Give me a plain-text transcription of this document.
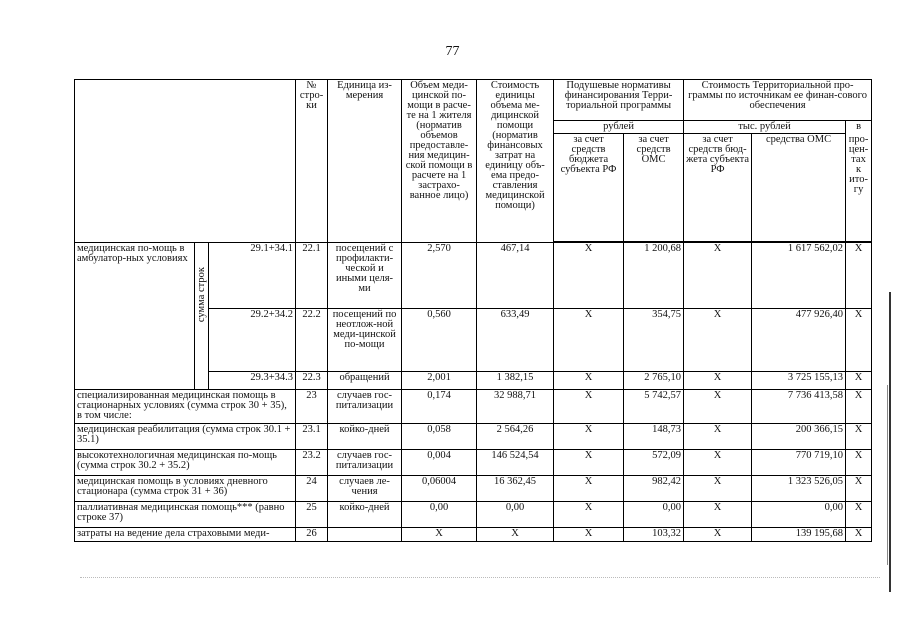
77
			№ стро-ки	Единица из-мерения	Объем меди-цинской по-мощи в расче-те на 1 жителя (норматив объемов предоставле-ния медицин-ской помощи в расчете на 1 застрахо-ванное лицо)	Стоимость единицы объема ме-дицинской помощи (норматив финансовых затрат на единицу объ-ема предо-ставления медицинской помощи)	Подушевые нормативы финансирования Терри-ториальной программы		Стоимость Территориальной про-граммы по источникам ее финан-сового обеспечения		
							рублей		тыс. рублей		в
							за счет средств бюджета субъекта РФ	за счет средств ОМС	за счет средств бюд-жета субъекта РФ	средства ОМС	про-цен-тах к ито-гу

медицинская по-мощь в амбулатор-ных условиях	сумма строк	29.1+34.1	22.1	посещений с профилакти-ческой и иными целя-ми	2,570	467,14	X	1 200,68	X	1 617 562,02	X
		29.2+34.2	22.2	посещений по неотлож-ной меди-цинской по-мощи	0,560	633,49	X	354,75	X	477 926,40	X
		29.3+34.3	22.3	обращений	2,001	1 382,15	X	2 765,10	X	3 725 155,13	X
специализированная медицинская помощь в стационарных условиях (сумма строк 30 + 35), в том числе:			23	случаев гос-питализации	0,174	32 988,71	X	5 742,57	X	7 736 413,58	X
медицинская реабилитация (сумма строк 30.1 + 35.1)			23.1	койко-дней	0,058	2 564,26	X	148,73	X	200 366,15	X
высокотехнологичная медицинская по-мощь (сумма строк 30.2 + 35.2)			23.2	случаев гос-питализации	0,004	146 524,54	X	572,09	X	770 719,10	X
медицинская помощь в условиях дневного стационара (сумма строк 31 + 36)			24	случаев ле-чения	0,06004	16 362,45	X	982,42	X	1 323 526,05	X
паллиативная медицинская помощь*** (равно строке 37)			25	койко-дней	0,00	0,00	X	0,00	X	0,00	X
затраты на ведение дела страховыми меди-			26		X	X	X	103,32	X	139 195,68	X
